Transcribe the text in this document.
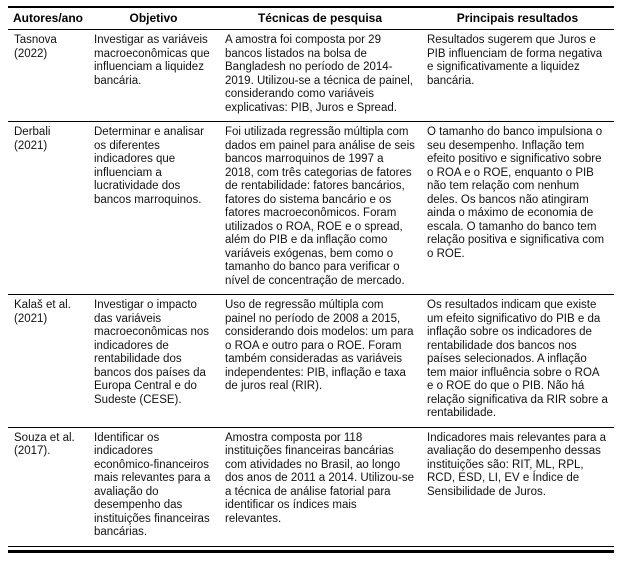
Autores/ano	Objetivo	Técnicas de pesquisa	Principais resultados
Tasnova (2022)	Investigar as variáveis macroeconômicas que influenciam a liquidez bancária.	A amostra foi composta por 29 bancos listados na bolsa de Bangladesh no período de 2014-2019. Utilizou-se a técnica de painel, considerando como variáveis explicativas: PIB, Juros e Spread.	Resultados sugerem que Juros e PIB influenciam de forma negativa e significativamente a liquidez bancária.
Derbali (2021)	Determinar e analisar os diferentes indicadores que influenciam a lucratividade dos bancos marroquinos.	Foi utilizada regressão múltipla com dados em painel para análise de seis bancos marroquinos de 1997 a 2018, com três categorias de fatores de rentabilidade: fatores bancários, fatores do sistema bancário e os fatores macroeconômicos. Foram utilizados o ROA, ROE e o spread, além do PIB e da inflação como variáveis exógenas, bem como o tamanho do banco para verificar o nível de concentração de mercado.	O tamanho do banco impulsiona o seu desempenho. Inflação tem efeito positivo e significativo sobre o ROA e o ROE, enquanto o PIB não tem relação com nenhum deles. Os bancos não atingiram ainda o máximo de economia de escala. O tamanho do banco tem relação positiva e significativa com o ROE.
Kalaš et al. (2021)	Investigar o impacto das variáveis macroeconômicas nos indicadores de rentabilidade dos bancos dos países da Europa Central e do Sudeste (CESE).	Uso de regressão múltipla com painel no período de 2008 a 2015, considerando dois modelos: um para o ROA e outro para o ROE. Foram também consideradas as variáveis independentes: PIB, inflação e taxa de juros real (RIR).	Os resultados indicam que existe um efeito significativo do PIB e da inflação sobre os indicadores de rentabilidade dos bancos nos países selecionados. A inflação tem maior influência sobre o ROA e o ROE do que o PIB. Não há relação significativa da RIR sobre a rentabilidade.
Souza et al. (2017).	Identificar os indicadores econômico-financeiros mais relevantes para a avaliação do desempenho das instituições financeiras bancárias.	Amostra composta por 118 instituições financeiras bancárias com atividades no Brasil, ao longo dos anos de 2011 a 2014. Utilizou-se a técnica de análise fatorial para identificar os índices mais relevantes.	Indicadores mais relevantes para a avaliação do desempenho dessas instituições são: RIT, ML, RPL, RCD, ESD, LI, EV e Índice de Sensibilidade de Juros.
